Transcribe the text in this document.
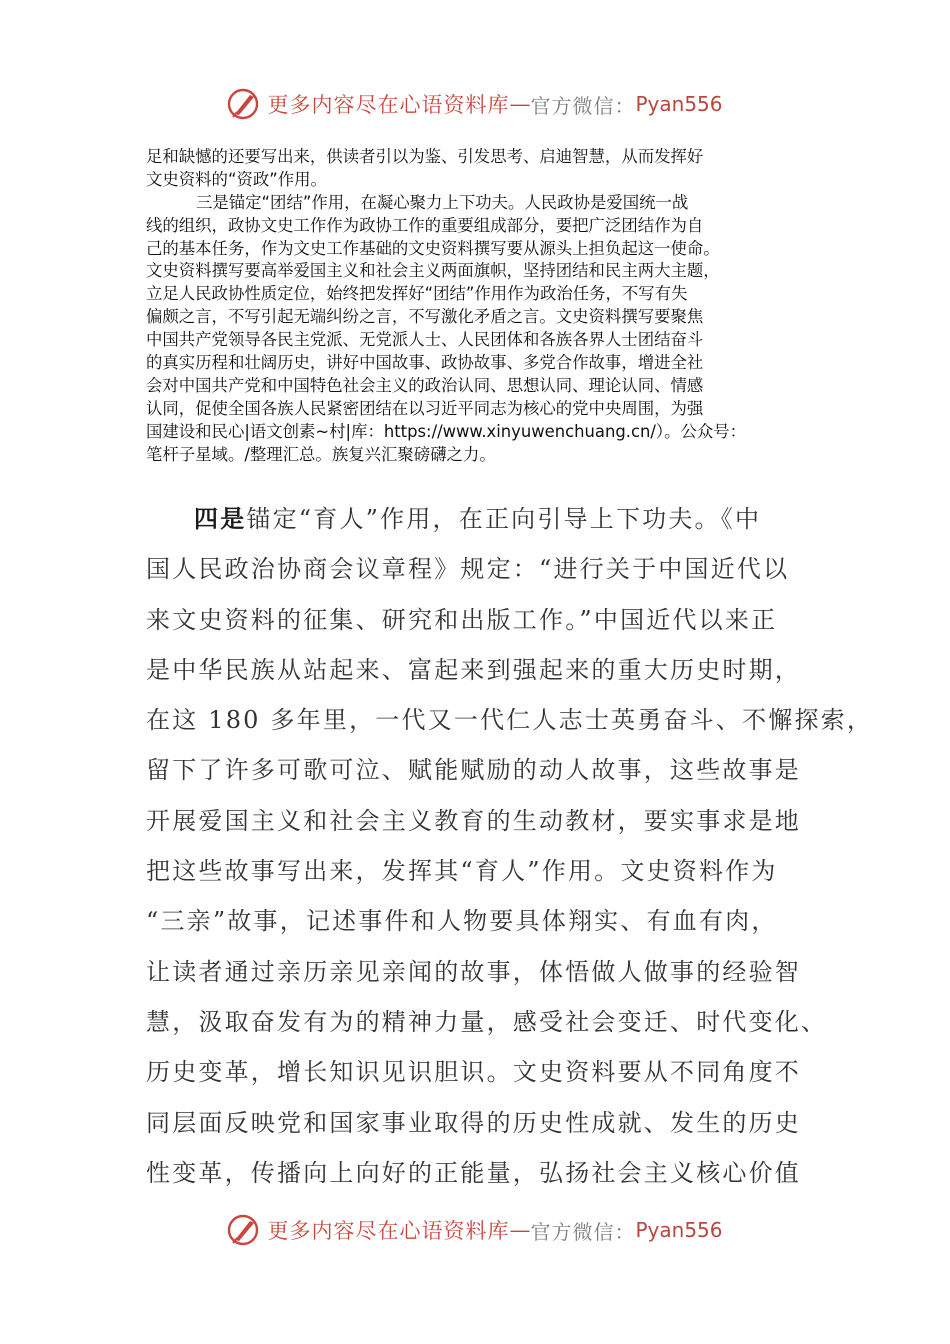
更多内容尽在心语资料库 — 官方微信： Pyan556
足和缺憾的还要写出来，供读者引以为鉴、引发思考、启迪智慧，从而发挥好
文史资料的“资政”作用。
三是锚定“团结”作用，在凝心聚力上下功夫。人民政协是爱国统一战
线的组织，政协文史工作作为政协工作的重要组成部分，要把广泛团结作为自
己的基本任务，作为文史工作基础的文史资料撰写要从源头上担负起这一使命。
文史资料撰写要高举爱国主义和社会主义两面旗帜，坚持团结和民主两大主题，
立足人民政协性质定位，始终把发挥好“团结”作用作为政治任务，不写有失
偏颇之言，不写引起无端纠纷之言，不写激化矛盾之言。文史资料撰写要聚焦
中国共产党领导各民主党派、无党派人士、人民团体和各族各界人士团结奋斗
的真实历程和壮阔历史，讲好中国故事、政协故事、多党合作故事，增进全社
会对中国共产党和中国特色社会主义的政治认同、思想认同、理论认同、情感
认同，促使全国各族人民紧密团结在以习近平同志为核心的党中央周围，为强
国建设和民心|语文创素~村|库：https://www.xinyuwenchuang.cn/）。公众号：
笔杆子星域。/整理汇总。族复兴汇聚磅礴之力。
四是锚定“育人”作用，在正向引导上下功夫。《中
国人民政治协商会议章程》规定：“进行关于中国近代以
来文史资料的征集、研究和出版工作。”中国近代以来正
是中华民族从站起来、富起来到强起来的重大历史时期，
在这 180 多年里，一代又一代仁人志士英勇奋斗、不懈探索，
留下了许多可歌可泣、赋能赋励的动人故事，这些故事是
开展爱国主义和社会主义教育的生动教材，要实事求是地
把这些故事写出来，发挥其“育人”作用。文史资料作为
“三亲”故事，记述事件和人物要具体翔实、有血有肉，
让读者通过亲历亲见亲闻的故事，体悟做人做事的经验智
慧，汲取奋发有为的精神力量，感受社会变迁、时代变化、
历史变革，增长知识见识胆识。文史资料要从不同角度不
同层面反映党和国家事业取得的历史性成就、发生的历史
性变革，传播向上向好的正能量，弘扬社会主义核心价值
更多内容尽在心语资料库 — 官方微信： Pyan556
